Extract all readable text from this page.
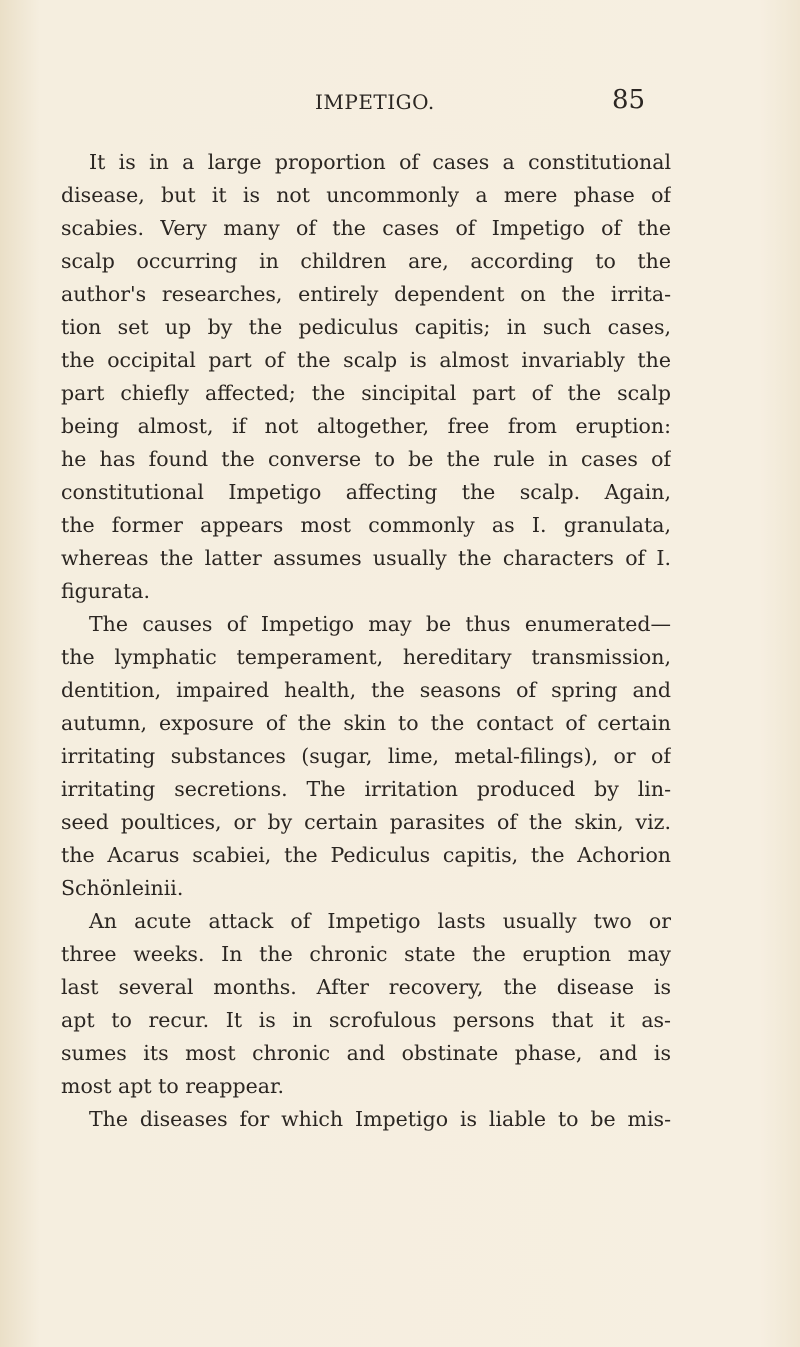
IMPETIGO.	85
It is in a large proportion of cases a constitutional
disease, but it is not uncommonly a mere phase of
scabies. Very many of the cases of Impetigo of the
scalp occurring in children are, according to the
author's researches, entirely dependent on the irrita-
tion set up by the pediculus capitis; in such cases,
the occipital part of the scalp is almost invariably the
part chiefly affected; the sincipital part of the scalp
being almost, if not altogether, free from eruption:
he has found the converse to be the rule in cases of
constitutional Impetigo affecting the scalp. Again,
the former appears most commonly as I. granulata,
whereas the latter assumes usually the characters of I.
figurata.
The causes of Impetigo may be thus enumerated—
the lymphatic temperament, hereditary transmission,
dentition, impaired health, the seasons of spring and
autumn, exposure of the skin to the contact of certain
irritating substances (sugar, lime, metal-filings), or of
irritating secretions. The irritation produced by lin-
seed poultices, or by certain parasites of the skin, viz.
the Acarus scabiei, the Pediculus capitis, the Achorion
Schönleinii.
An acute attack of Impetigo lasts usually two or
three weeks. In the chronic state the eruption may
last several months. After recovery, the disease is
apt to recur. It is in scrofulous persons that it as-
sumes its most chronic and obstinate phase, and is
most apt to reappear.
The diseases for which Impetigo is liable to be mis-
